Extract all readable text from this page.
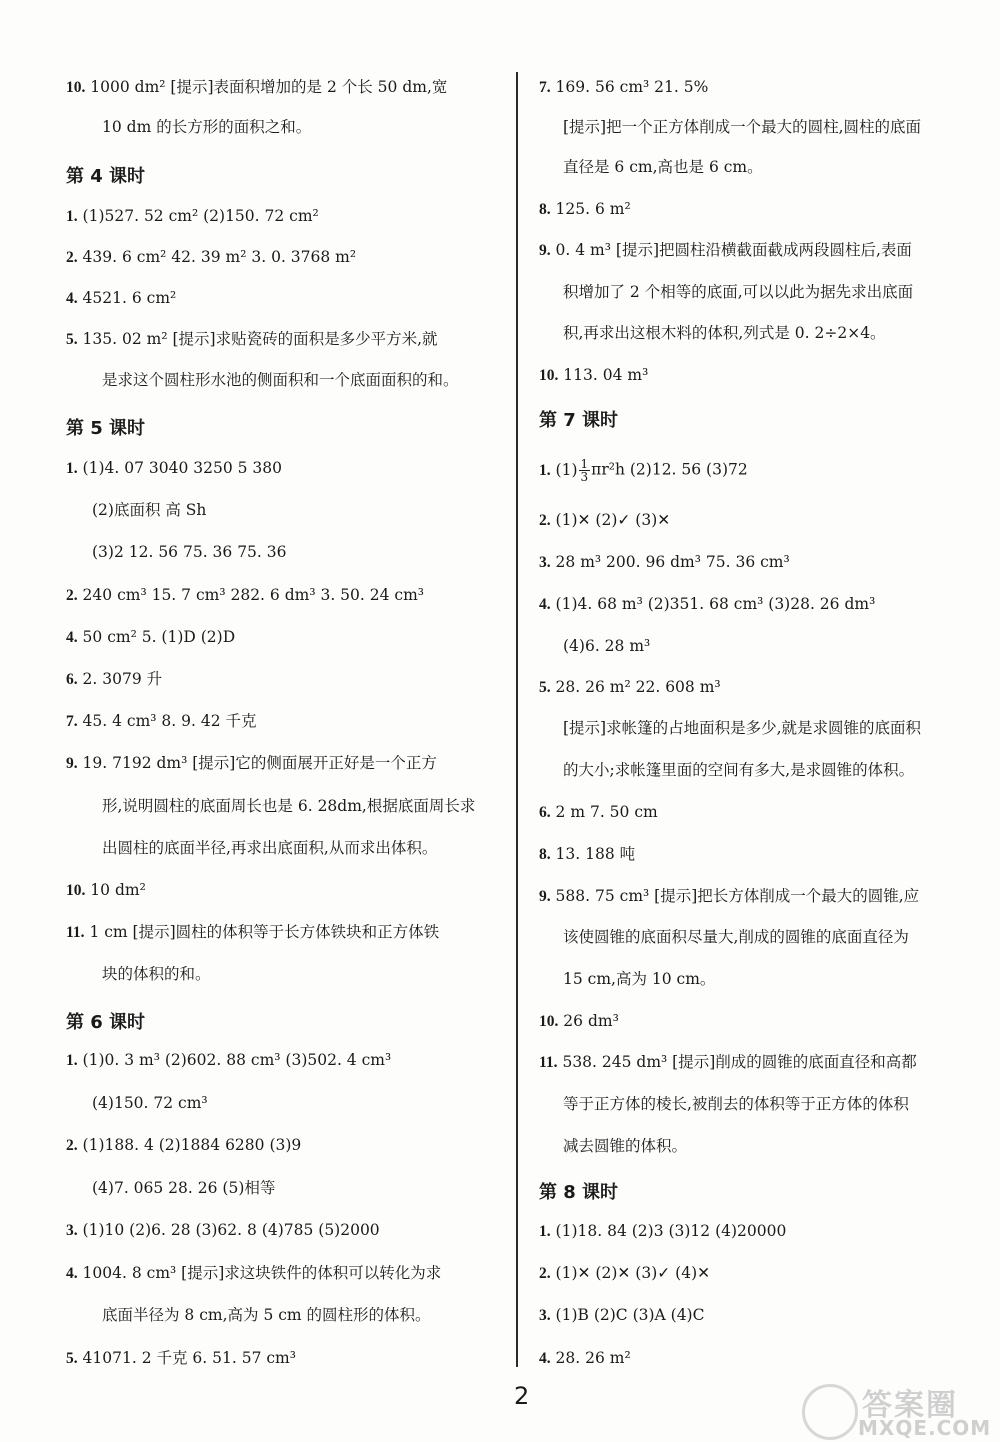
10. 1000 dm² [提示]表面积增加的是 2 个长 50 dm,宽
10 dm 的长方形的面积之和。
第 4 课时
1. (1)527. 52 cm² (2)150. 72 cm²
2. 439. 6 cm² 42. 39 m² 3. 0. 3768 m²
4. 4521. 6 cm²
5. 135. 02 m² [提示]求贴瓷砖的面积是多少平方米,就
是求这个圆柱形水池的侧面积和一个底面面积的和。
第 5 课时
1. (1)4. 07 3040 3250 5 380
(2)底面积 高 Sh
(3)2 12. 56 75. 36 75. 36
2. 240 cm³ 15. 7 cm³ 282. 6 dm³ 3. 50. 24 cm³
4. 50 cm² 5. (1)D (2)D
6. 2. 3079 升
7. 45. 4 cm³ 8. 9. 42 千克
9. 19. 7192 dm³ [提示]它的侧面展开正好是一个正方
形,说明圆柱的底面周长也是 6. 28dm,根据底面周长求
出圆柱的底面半径,再求出底面积,从而求出体积。
10. 10 dm²
11. 1 cm [提示]圆柱的体积等于长方体铁块和正方体铁
块的体积的和。
第 6 课时
1. (1)0. 3 m³ (2)602. 88 cm³ (3)502. 4 cm³
(4)150. 72 cm³
2. (1)188. 4 (2)1884 6280 (3)9
(4)7. 065 28. 26 (5)相等
3. (1)10 (2)6. 28 (3)62. 8 (4)785 (5)2000
4. 1004. 8 cm³ [提示]求这块铁件的体积可以转化为求
底面半径为 8 cm,高为 5 cm 的圆柱形的体积。
5. 41071. 2 千克 6. 51. 57 cm³
7. 169. 56 cm³ 21. 5%
[提示]把一个正方体削成一个最大的圆柱,圆柱的底面
直径是 6 cm,高也是 6 cm。
8. 125. 6 m²
9. 0. 4 m³ [提示]把圆柱沿横截面截成两段圆柱后,表面
积增加了 2 个相等的底面,可以以此为据先求出底面
积,再求出这根木料的体积,列式是 0. 2÷2×4。
10. 113. 04 m³
第 7 课时
1. $(1) \frac{1}{3} \pi r^2h$ (2)12. 56 (3)72
2. (1)✕ (2)✓ (3)✕
3. 28 m³ 200. 96 dm³ 75. 36 cm³
4. (1)4. 68 m³ (2)351. 68 cm³ (3)28. 26 dm³
(4)6. 28 m³
5. 28. 26 m² 22. 608 m³
[提示]求帐篷的占地面积是多少,就是求圆锥的底面积
的大小;求帐篷里面的空间有多大,是求圆锥的体积。
6. 2 m 7. 50 cm
8. 13. 188 吨
9. 588. 75 cm³ [提示]把长方体削成一个最大的圆锥,应
该使圆锥的底面积尽量大,削成的圆锥的底面直径为
15 cm,高为 10 cm。
10. 26 dm³
11. 538. 245 dm³ [提示]削成的圆锥的底面直径和高都
等于正方体的棱长,被削去的体积等于正方体的体积
减去圆锥的体积。
第 8 课时
1. (1)18. 84 (2)3 (3)12 (4)20000
2. (1)✕ (2)✕ (3)✓ (4)✕
3. (1)B (2)C (3)A (4)C
4. 28. 26 m²
2	答案圈
MXQE.COM
